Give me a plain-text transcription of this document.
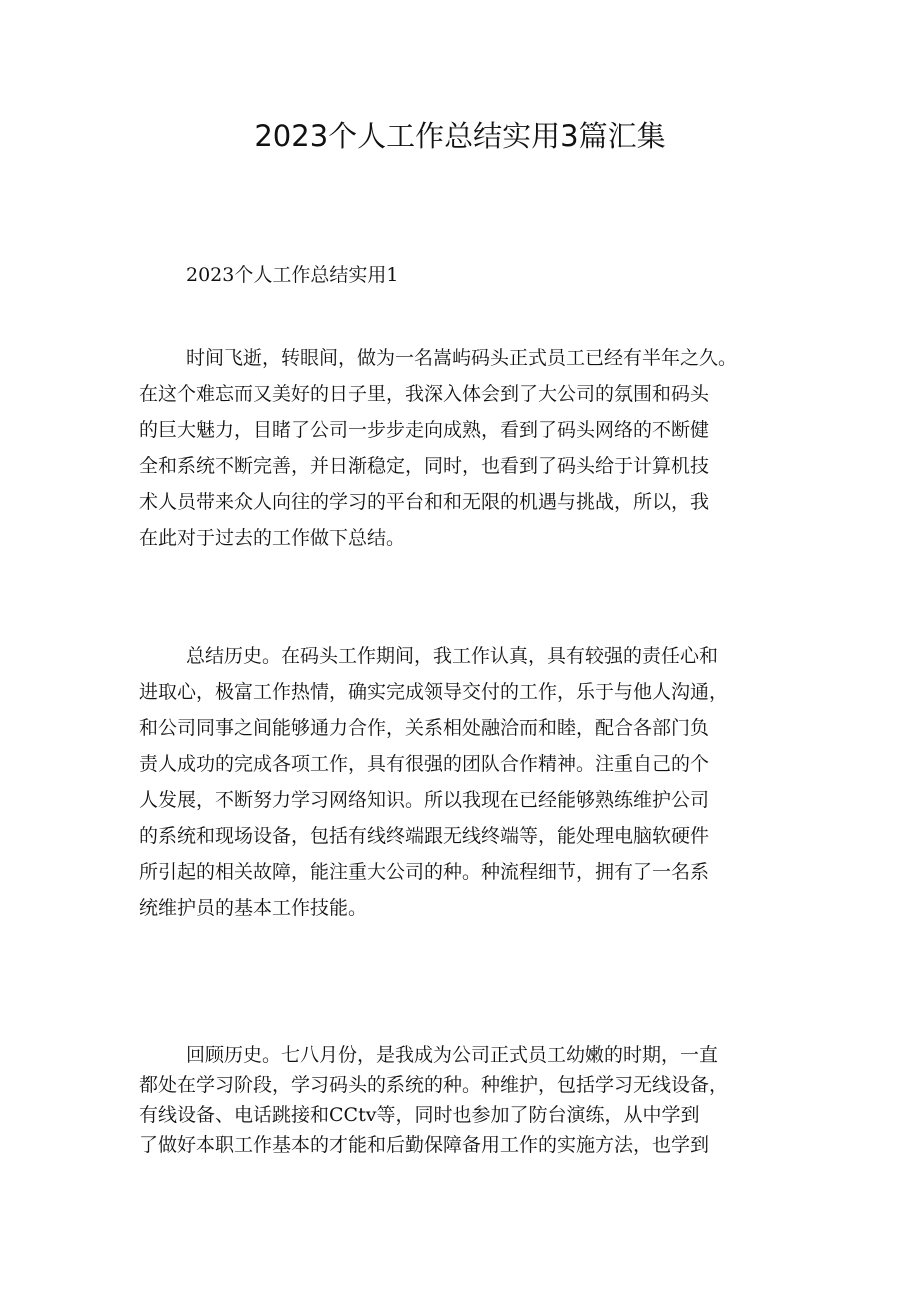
2023个人工作总结实用3篇汇集
2023个人工作总结实用1

时间飞逝，转眼间，做为一名嵩屿码头正式员工已经有半年之久。
在这个难忘而又美好的日子里，我深入体会到了大公司的氛围和码头
的巨大魅力，目睹了公司一步步走向成熟，看到了码头网络的不断健
全和系统不断完善，并日渐稳定，同时，也看到了码头给于计算机技
术人员带来众人向往的学习的平台和和无限的机遇与挑战，所以，我
在此对于过去的工作做下总结。

总结历史。在码头工作期间，我工作认真，具有较强的责任心和
进取心，极富工作热情，确实完成领导交付的工作，乐于与他人沟通，
和公司同事之间能够通力合作，关系相处融洽而和睦，配合各部门负
责人成功的完成各项工作，具有很强的团队合作精神。注重自己的个
人发展，不断努力学习网络知识。所以我现在已经能够熟练维护公司
的系统和现场设备，包括有线终端跟无线终端等，能处理电脑软硬件
所引起的相关故障，能注重大公司的种。种流程细节，拥有了一名系
统维护员的基本工作技能。

回顾历史。七八月份，是我成为公司正式员工幼嫩的时期，一直
都处在学习阶段，学习码头的系统的种。种维护，包括学习无线设备，
有线设备、电话跳接和CCtv等，同时也参加了防台演练，从中学到
了做好本职工作基本的才能和后勤保障备用工作的实施方法，也学到
